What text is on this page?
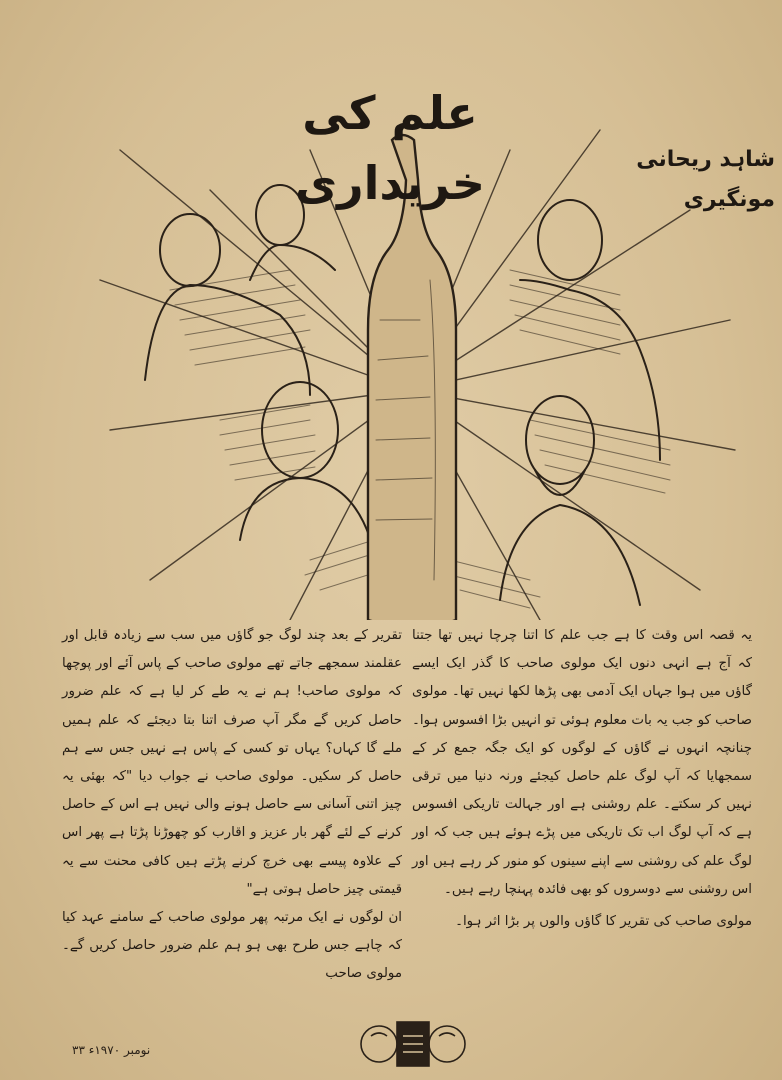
علم کی خریداری	شاہد ریحانی مونگیری

یہ قصہ اس وقت کا ہے جب علم کا اتنا چرچا نہیں تھا جتنا کہ آج ہے انہی دنوں ایک مولوی صاحب کا گذر ایک ایسے گاؤں میں ہوا جہاں ایک آدمی بھی پڑھا لکھا نہیں تھا۔ مولوی صاحب کو جب یہ بات معلوم ہوئی تو انہیں بڑا افسوس ہوا۔ چنانچہ انہوں نے گاؤں کے لوگوں کو ایک جگہ جمع کر کے سمجھایا کہ آپ لوگ علم حاصل کیجئے ورنہ دنیا میں ترقی نہیں کر سکتے۔ علم روشنی ہے اور جہالت تاریکی افسوس ہے کہ آپ لوگ اب تک تاریکی میں پڑے ہوئے ہیں جب کہ اور لوگ علم کی روشنی سے اپنے سینوں کو منور کر رہے ہیں اور اس روشنی سے دوسروں کو بھی فائدہ پہنچا رہے ہیں۔

مولوی صاحب کی تقریر کا گاؤں والوں پر بڑا اثر ہوا۔

تقریر کے بعد چند لوگ جو گاؤں میں سب سے زیادہ قابل اور عقلمند سمجھے جاتے تھے مولوی صاحب کے پاس آئے اور پوچھا کہ مولوی صاحب! ہم نے یہ طے کر لیا ہے کہ علم ضرور حاصل کریں گے مگر آپ صرف اتنا بتا دیجئے کہ علم ہمیں ملے گا کہاں؟ یہاں تو کسی کے پاس ہے نہیں جس سے ہم حاصل کر سکیں۔ مولوی صاحب نے جواب دیا "کہ بھئی یہ چیز اتنی آسانی سے حاصل ہونے والی نہیں ہے اس کے حاصل کرنے کے لئے گھر بار عزیز و اقارب کو چھوڑنا پڑتا ہے پھر اس کے علاوہ پیسے بھی خرچ کرنے پڑتے ہیں کافی محنت سے یہ قیمتی چیز حاصل ہوتی ہے"

ان لوگوں نے ایک مرتبہ پھر مولوی صاحب کے سامنے عہد کیا کہ چاہے جس طرح بھی ہو ہم علم ضرور حاصل کریں گے۔ مولوی صاحب

نومبر ۱۹۷۰ء ۳۳
